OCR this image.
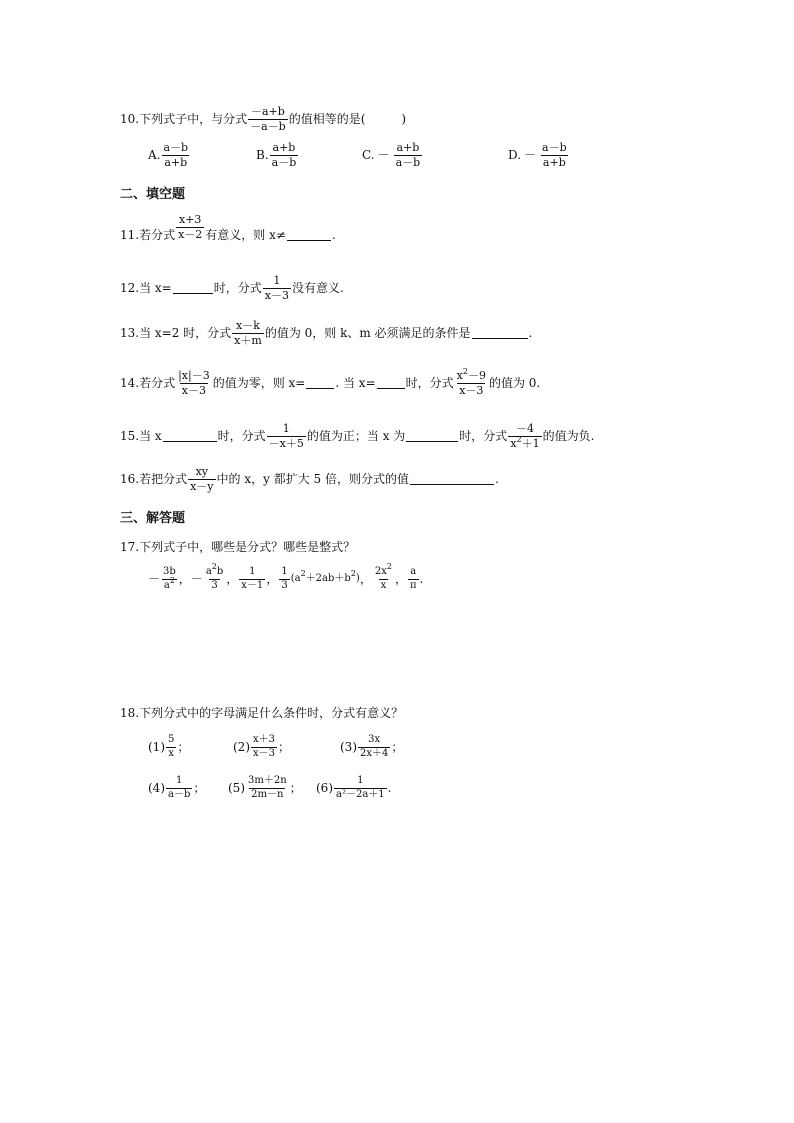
10.下列式子中，与分式 $\frac{-a+b}{-a-b}$ 的值相等的是(	)
A. $\frac{a-b}{a+b}$	B. $\frac{a+b}{a-b}$	C. － $\frac{a+b}{a-b}$	D. － $\frac{a-b}{a+b}$
二、填空题
11.若分式 $\frac{x+3}{x-2}$ 有意义，则 x≠	.
12.当 x=	时，分式 $\frac{1}{x-3}$ 没有意义.
13.当 x=2 时，分式 $\frac{x-k}{x+m}$ 的值为 0，则 k、m 必须满足的条件是	.
14.若分式 $\frac{|x|-3}{x-3}$ 的值为零，则 x=	. 当 x=	时，分式 $\frac{x^2-9}{x-3}$ 的值为 0.
15.当 x	时，分式 $\frac{1}{-x+5}$ 的值为正；当 x 为	时，分式 $\frac{-4}{x^2+1}$ 的值为负.
16.若把分式 $\frac{xy}{x-y}$ 中的 x，y 都扩大 5 倍，则分式的值	.
三、解答题
17.下列式子中，哪些是分式？哪些是整式？
－ $\frac{3b}{a^2}$ ， － $\frac{a^2b}{3}$ ， $\frac{1}{x-1}$ ， $\frac{1}{3} (a^2+2ab+b^2)$ ， $\frac{2x^2}{x}$ ， $\frac{a}{\pi}$ .
18.下列分式中的字母满足什么条件时，分式有意义？
$(1) \frac{5}{x}$ ；	$(2) \frac{x+3}{x-3}$ ；	$(3) \frac{3x}{2x+4}$ ；
$(4) \frac{1}{a-b}$ ； $(5) \frac{3m+2n}{2m-n}$ ； $(6) \frac{1}{\text{a²－2a＋1}}$ .
